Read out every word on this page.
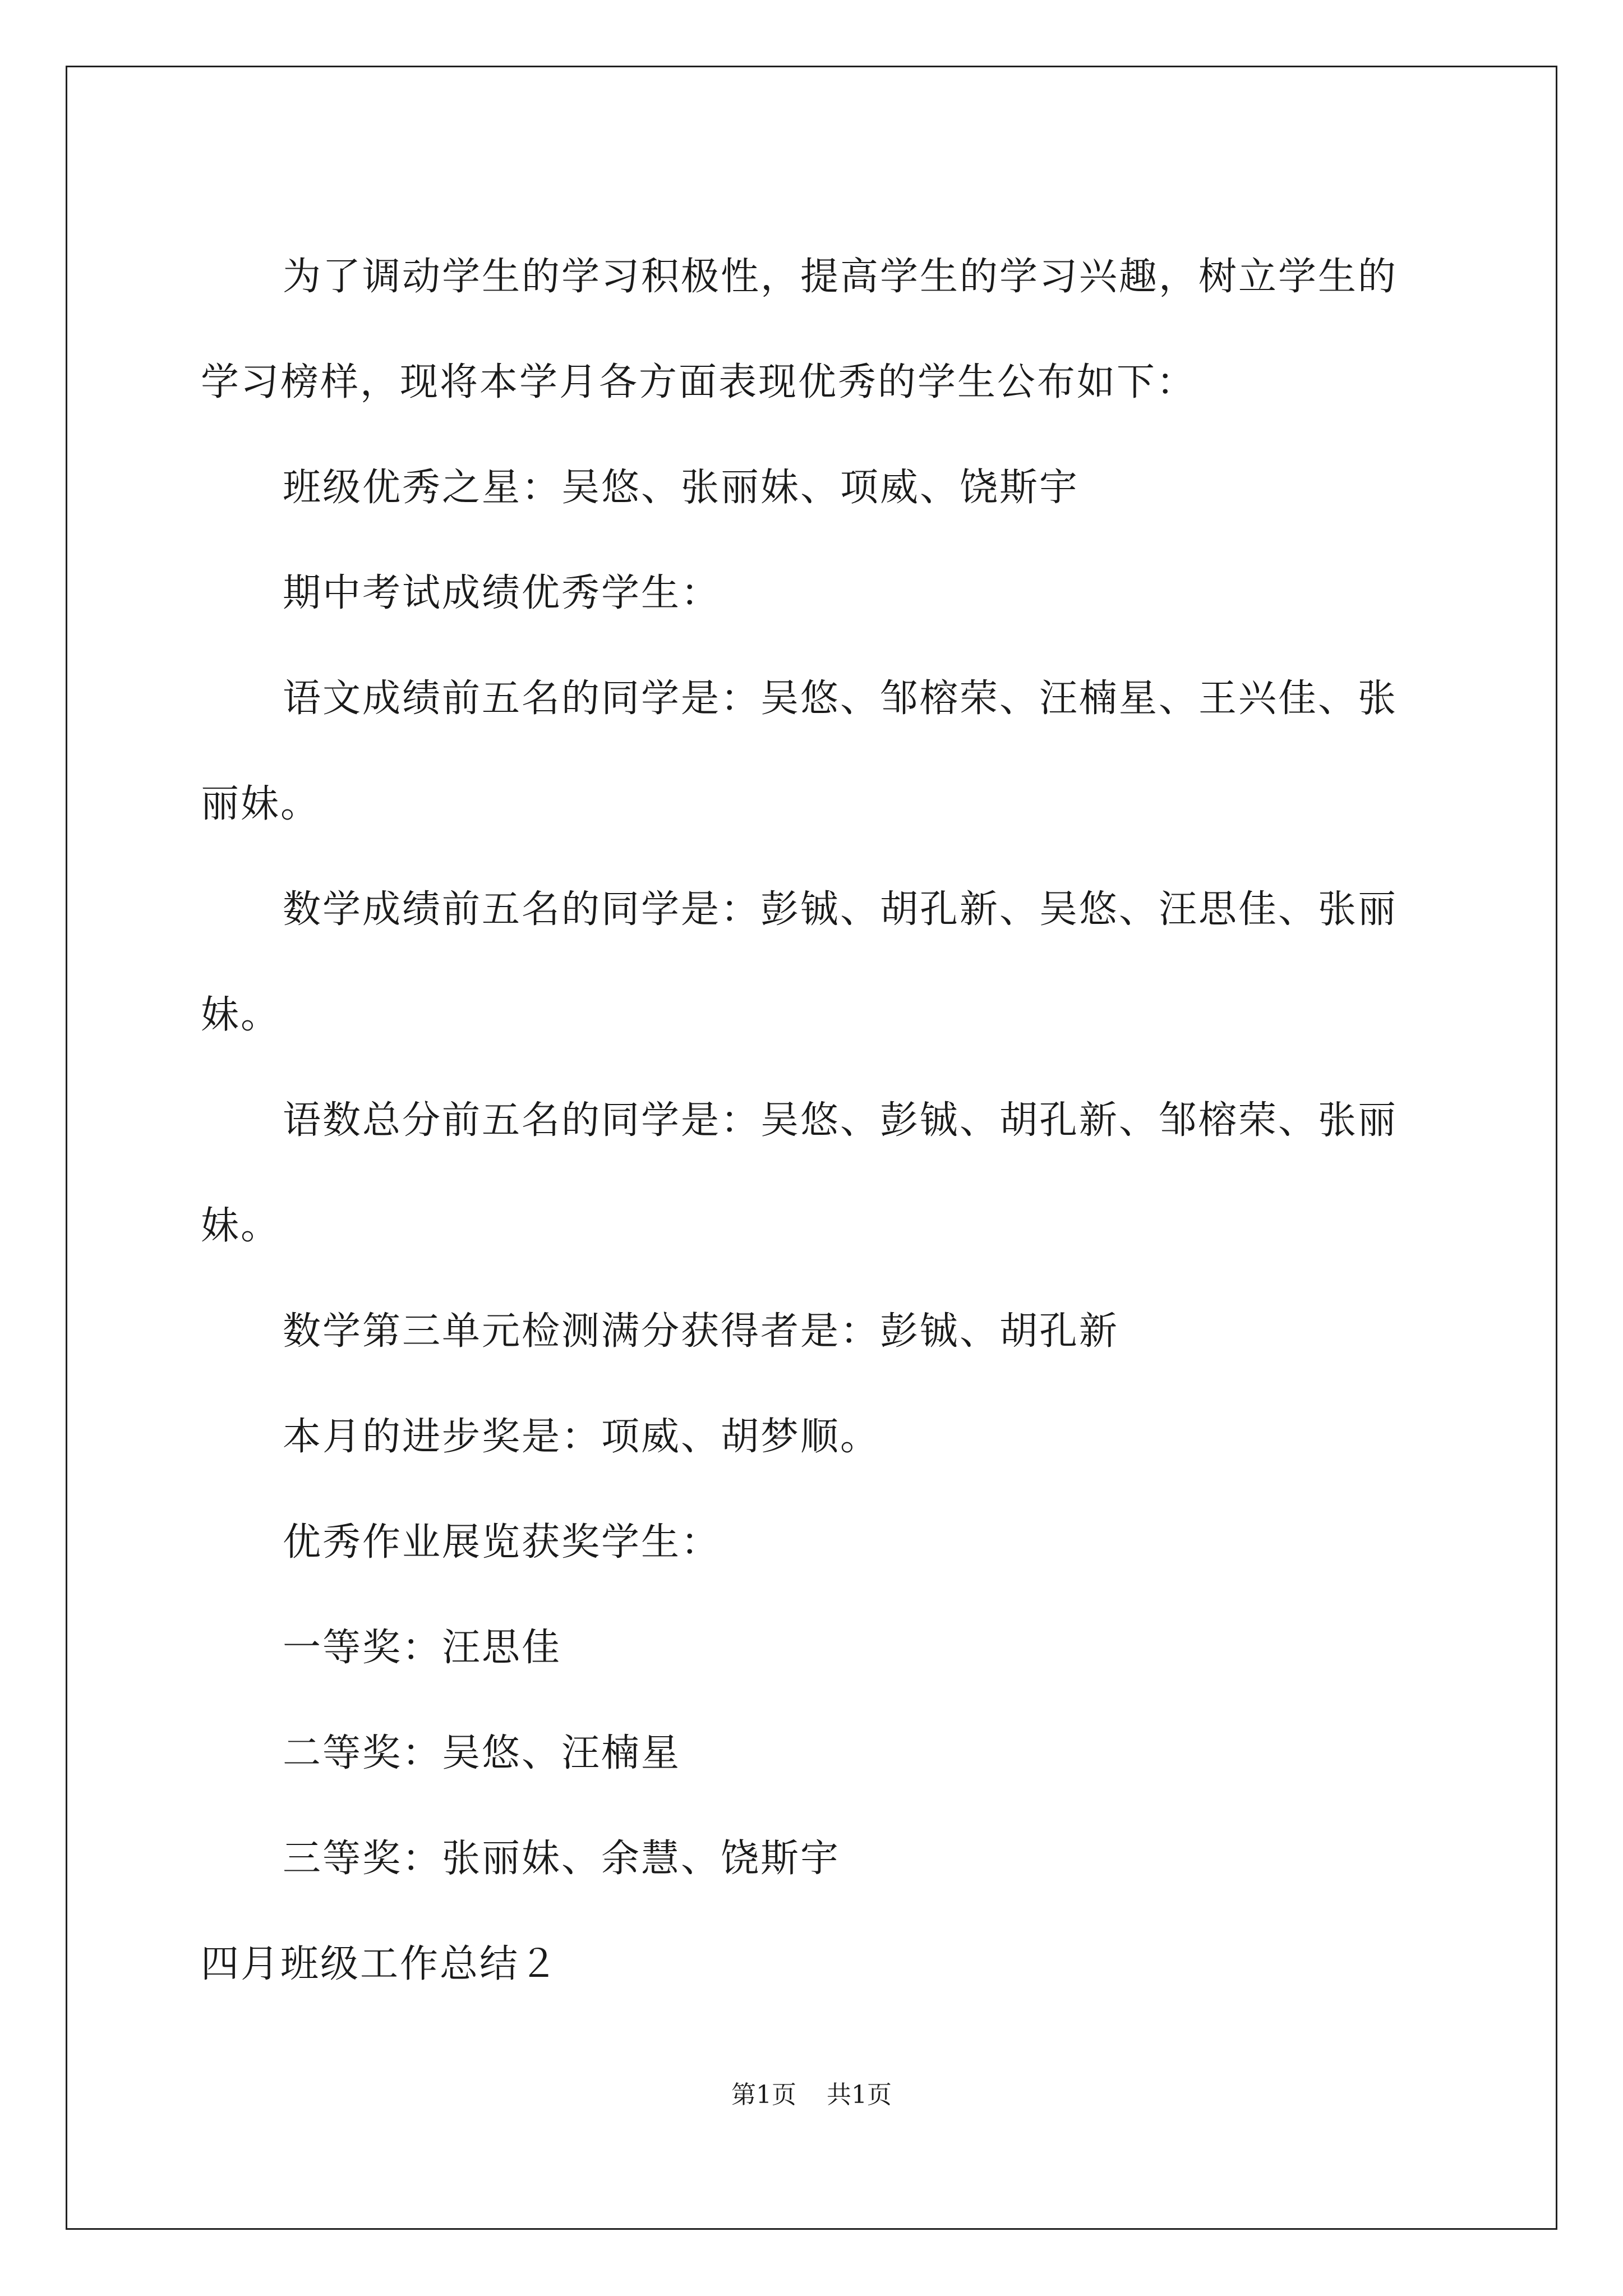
为了调动学生的学习积极性，提高学生的学习兴趣，树立学生的学习榜样，现将本学月各方面表现优秀的学生公布如下：

班级优秀之星：吴悠、张丽妹、项威、饶斯宇

期中考试成绩优秀学生：

语文成绩前五名的同学是：吴悠、邹榕荣、汪楠星、王兴佳、张丽妹。

数学成绩前五名的同学是：彭铖、胡孔新、吴悠、汪思佳、张丽妹。

语数总分前五名的同学是：吴悠、彭铖、胡孔新、邹榕荣、张丽妹。

数学第三单元检测满分获得者是：彭铖、胡孔新

本月的进步奖是：项威、胡梦顺。

优秀作业展览获奖学生：

一等奖：汪思佳

二等奖：吴悠、汪楠星

三等奖：张丽妹、余慧、饶斯宇

四月班级工作总结２

第1页 共1页
